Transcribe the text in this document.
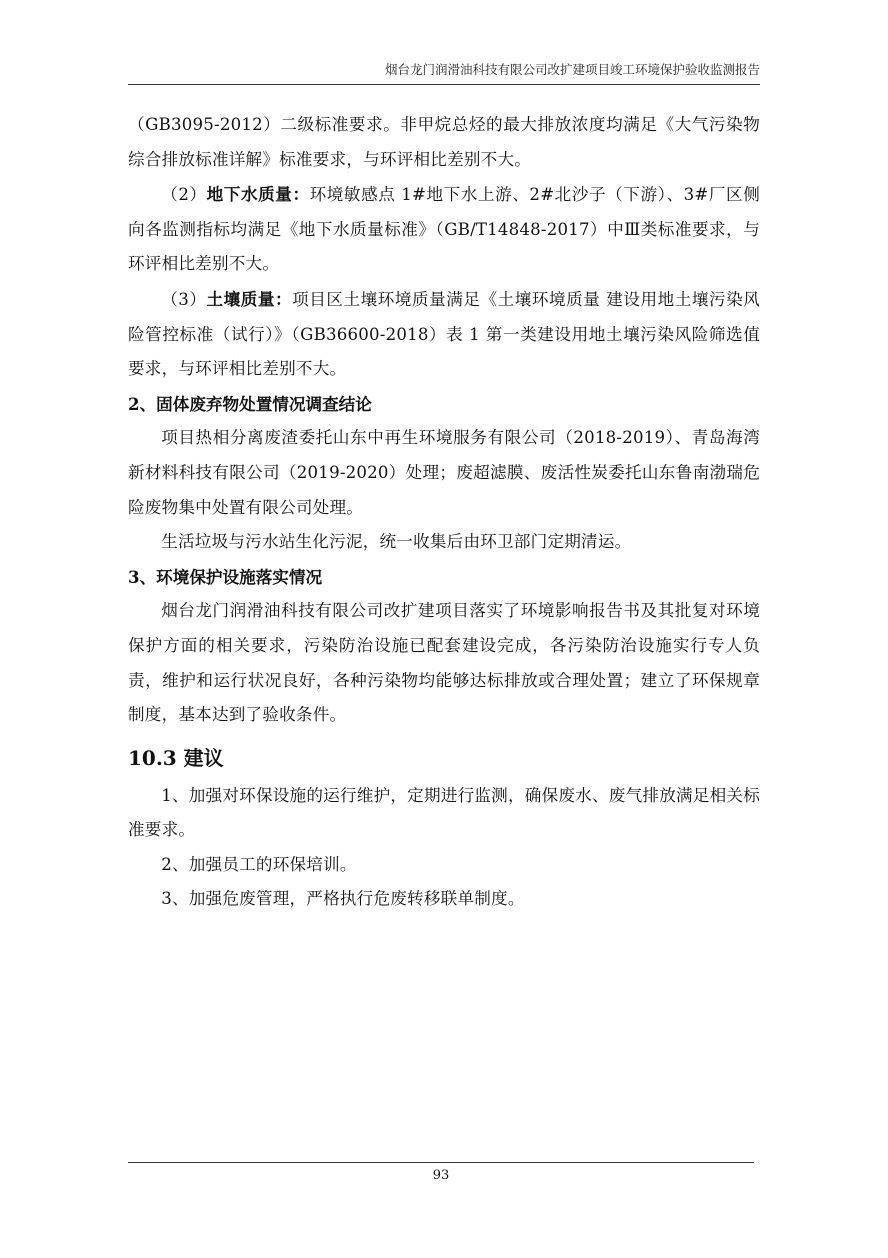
烟台龙门润滑油科技有限公司改扩建项目竣工环境保护验收监测报告

（GB3095-2012）二级标准要求。非甲烷总烃的最大排放浓度均满足《大气污染物综合排放标准详解》标准要求，与环评相比差别不大。

（2）地下水质量：环境敏感点 1#地下水上游、2#北沙子（下游）、3#厂区侧向各监测指标均满足《地下水质量标准》（GB/T14848-2017）中Ⅲ类标准要求，与环评相比差别不大。

（3）土壤质量：项目区土壤环境质量满足《土壤环境质量 建设用地土壤污染风险管控标准（试行）》（GB36600-2018）表 1 第一类建设用地土壤污染风险筛选值要求，与环评相比差别不大。

2、固体废弃物处置情况调查结论

项目热相分离废渣委托山东中再生环境服务有限公司（2018-2019）、青岛海湾新材料科技有限公司（2019-2020）处理；废超滤膜、废活性炭委托山东鲁南渤瑞危险废物集中处置有限公司处理。

生活垃圾与污水站生化污泥，统一收集后由环卫部门定期清运。

3、环境保护设施落实情况

烟台龙门润滑油科技有限公司改扩建项目落实了环境影响报告书及其批复对环境保护方面的相关要求，污染防治设施已配套建设完成，各污染防治设施实行专人负责，维护和运行状况良好，各种污染物均能够达标排放或合理处置；建立了环保规章制度，基本达到了验收条件。

10.3 建议

1、加强对环保设施的运行维护，定期进行监测，确保废水、废气排放满足相关标准要求。

2、加强员工的环保培训。

3、加强危废管理，严格执行危废转移联单制度。

93
